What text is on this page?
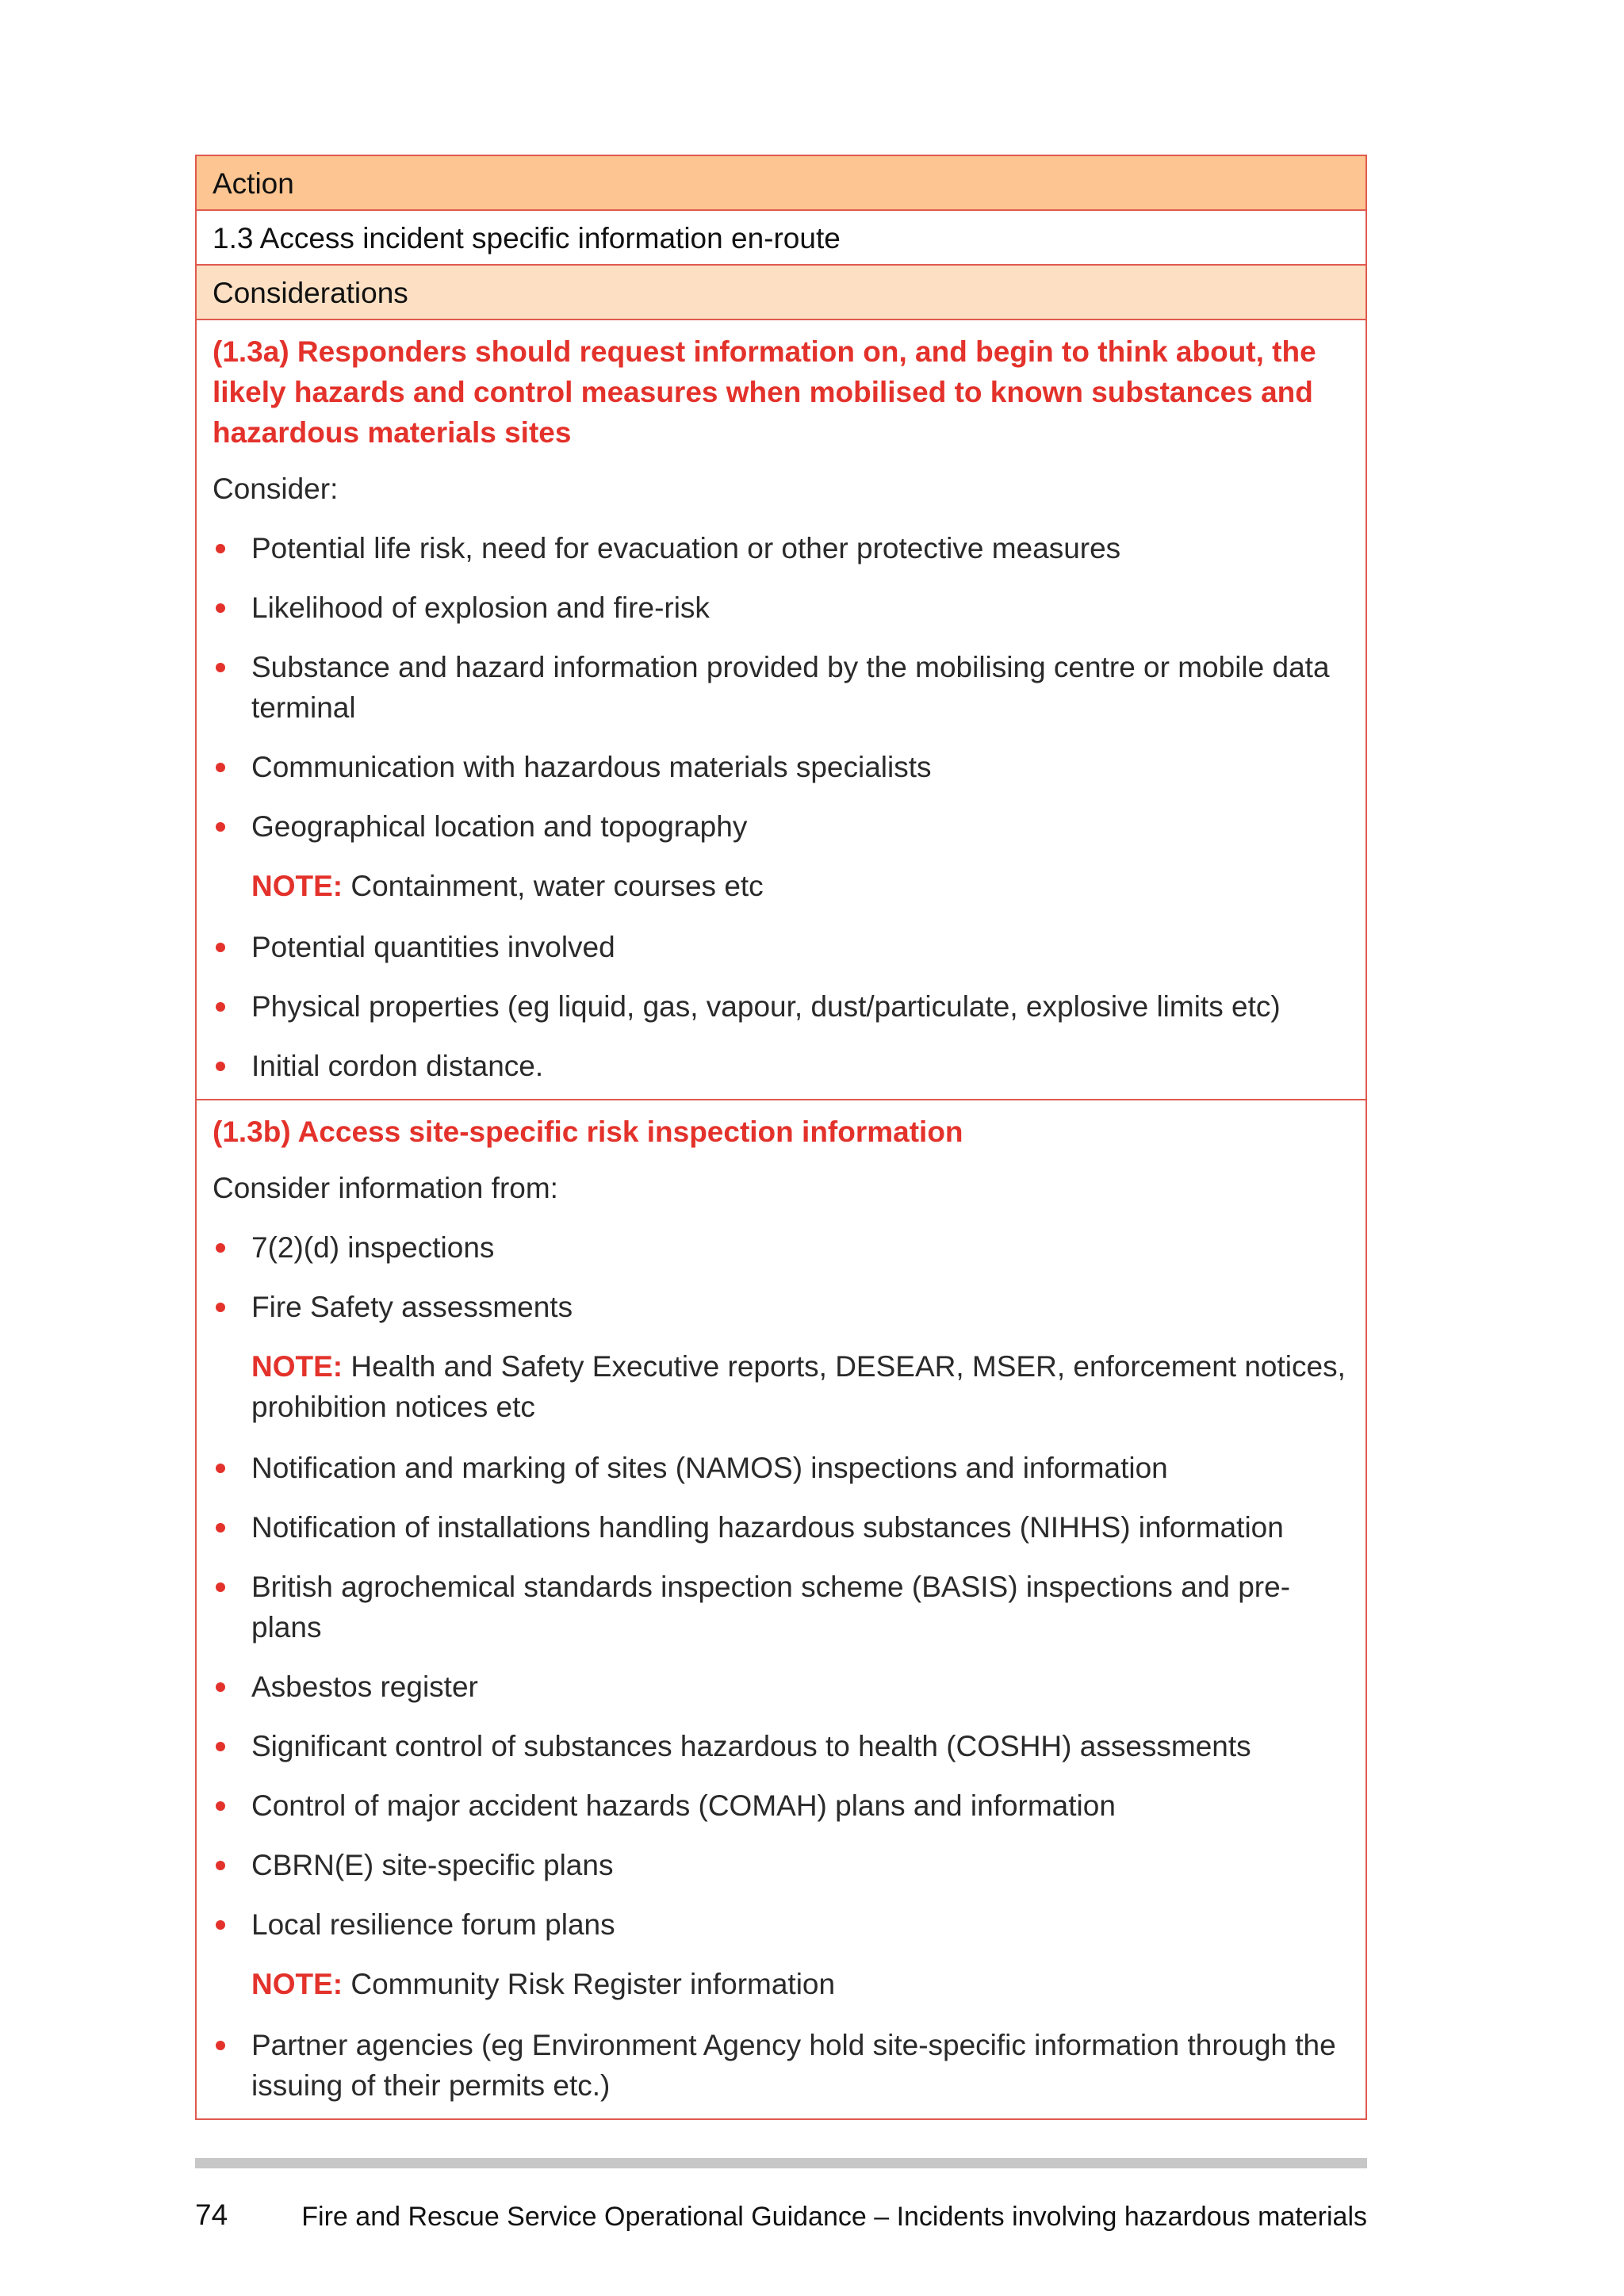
Action
1.3 Access incident specific information en-route
Considerations

(1.3a) Responders should request information on, and begin to think about, the likely hazards and control measures when mobilised to known substances and hazardous materials sites

Consider:

Potential life risk, need for evacuation or other protective measures
Likelihood of explosion and fire-risk
Substance and hazard information provided by the mobilising centre or mobile data terminal
Communication with hazardous materials specialists
Geographical location and topography
NOTE: Containment, water courses etc
Potential quantities involved
Physical properties (eg liquid, gas, vapour, dust/particulate, explosive limits etc)
Initial cordon distance.

(1.3b) Access site-specific risk inspection information

Consider information from:

7(2)(d) inspections
Fire Safety assessments
NOTE: Health and Safety Executive reports, DESEAR, MSER, enforcement notices, prohibition notices etc
Notification and marking of sites (NAMOS) inspections and information
Notification of installations handling hazardous substances (NIHHS) information
British agrochemical standards inspection scheme (BASIS) inspections and pre-plans
Asbestos register
Significant control of substances hazardous to health (COSHH) assessments
Control of major accident hazards (COMAH) plans and information
CBRN(E) site-specific plans
Local resilience forum plans
NOTE: Community Risk Register information
Partner agencies (eg Environment Agency hold site-specific information through the issuing of their permits etc.)
74	Fire and Rescue Service Operational Guidance – Incidents involving hazardous materials
